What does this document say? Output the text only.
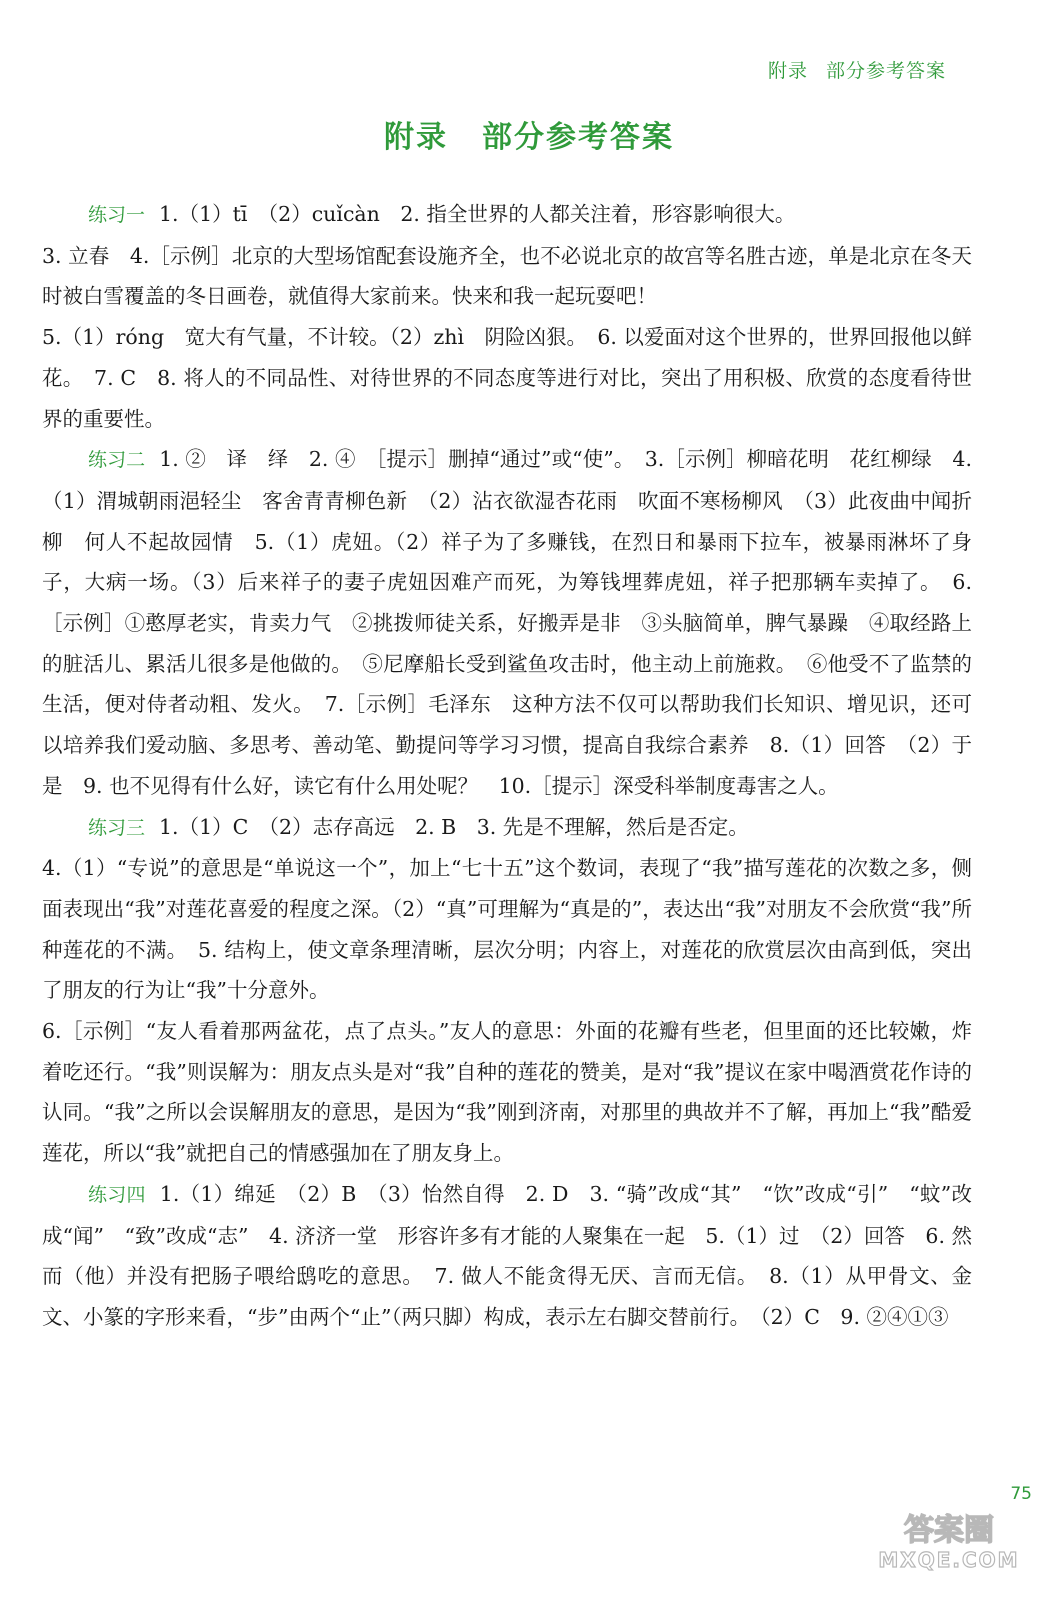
附录 部分参考答案
附录 部分参考答案

练习一 1.（1）tī　（2）cuǐcàn　2. 指全世界的人都关注着，形容影响很大。

3. 立春　4.［示例］北京的大型场馆配套设施齐全，也不必说北京的故宫等名胜古迹，单是北京在冬天时被白雪覆盖的冬日画卷，就值得大家前来。快来和我一起玩耍吧！

5.（1）róng　宽大有气量，不计较。（2）zhì　阴险凶狠。　6. 以爱面对这个世界的，世界回报他以鲜花。　7. C　8. 将人的不同品性、对待世界的不同态度等进行对比，突出了用积极、欣赏的态度看待世界的重要性。

练习二 1. ②　译　绎　2. ④　［提示］删掉“通过”或“使”。　3.［示例］柳暗花明　花红柳绿　4.（1）渭城朝雨浥轻尘　客舍青青柳色新　（2）沾衣欲湿杏花雨　吹面不寒杨柳风　（3）此夜曲中闻折柳　何人不起故园情　5.（1）虎妞。（2）祥子为了多赚钱，在烈日和暴雨下拉车，被暴雨淋坏了身子，大病一场。（3）后来祥子的妻子虎妞因难产而死，为筹钱埋葬虎妞，祥子把那辆车卖掉了。　6.［示例］①憨厚老实，肯卖力气　②挑拨师徒关系，好搬弄是非　③头脑简单，脾气暴躁　④取经路上的脏活儿、累活儿很多是他做的。　⑤尼摩船长受到鲨鱼攻击时，他主动上前施救。　⑥他受不了监禁的生活，便对侍者动粗、发火。　7.［示例］毛泽东　这种方法不仅可以帮助我们长知识、增见识，还可以培养我们爱动脑、多思考、善动笔、勤提问等学习习惯，提高自我综合素养　8.（1）回答　（2）于是　9. 也不见得有什么好，读它有什么用处呢？　10.［提示］深受科举制度毒害之人。

练习三 1.（1）C　（2）志存高远　2. B　3. 先是不理解，然后是否定。

4.（1）“专说”的意思是“单说这一个”，加上“七十五”这个数词，表现了“我”描写莲花的次数之多，侧面表现出“我”对莲花喜爱的程度之深。（2）“真”可理解为“真是的”，表达出“我”对朋友不会欣赏“我”所种莲花的不满。　5. 结构上，使文章条理清晰，层次分明；内容上，对莲花的欣赏层次由高到低，突出了朋友的行为让“我”十分意外。

6.［示例］“友人看着那两盆花，点了点头。”友人的意思：外面的花瓣有些老，但里面的还比较嫩，炸着吃还行。“我”则误解为：朋友点头是对“我”自种的莲花的赞美，是对“我”提议在家中喝酒赏花作诗的认同。“我”之所以会误解朋友的意思，是因为“我”刚到济南，对那里的典故并不了解，再加上“我”酷爱莲花，所以“我”就把自己的情感强加在了朋友身上。

练习四 1.（1）绵延　（2）B　（3）怡然自得　2. D　3. “骑”改成“其”　“饮”改成“引”　“蚊”改成“闻”　“致”改成“志”　4. 济济一堂　形容许多有才能的人聚集在一起　5.（1）过　（2）回答　6. 然而（他）并没有把肠子喂给鸱吃的意思。　7. 做人不能贪得无厌、言而无信。　8.（1）从甲骨文、金文、小篆的字形来看，“步”由两个“止”（两只脚）构成，表示左右脚交替前行。　（2）C　9. ②④①③

75
答案圈
MXQE.COM
